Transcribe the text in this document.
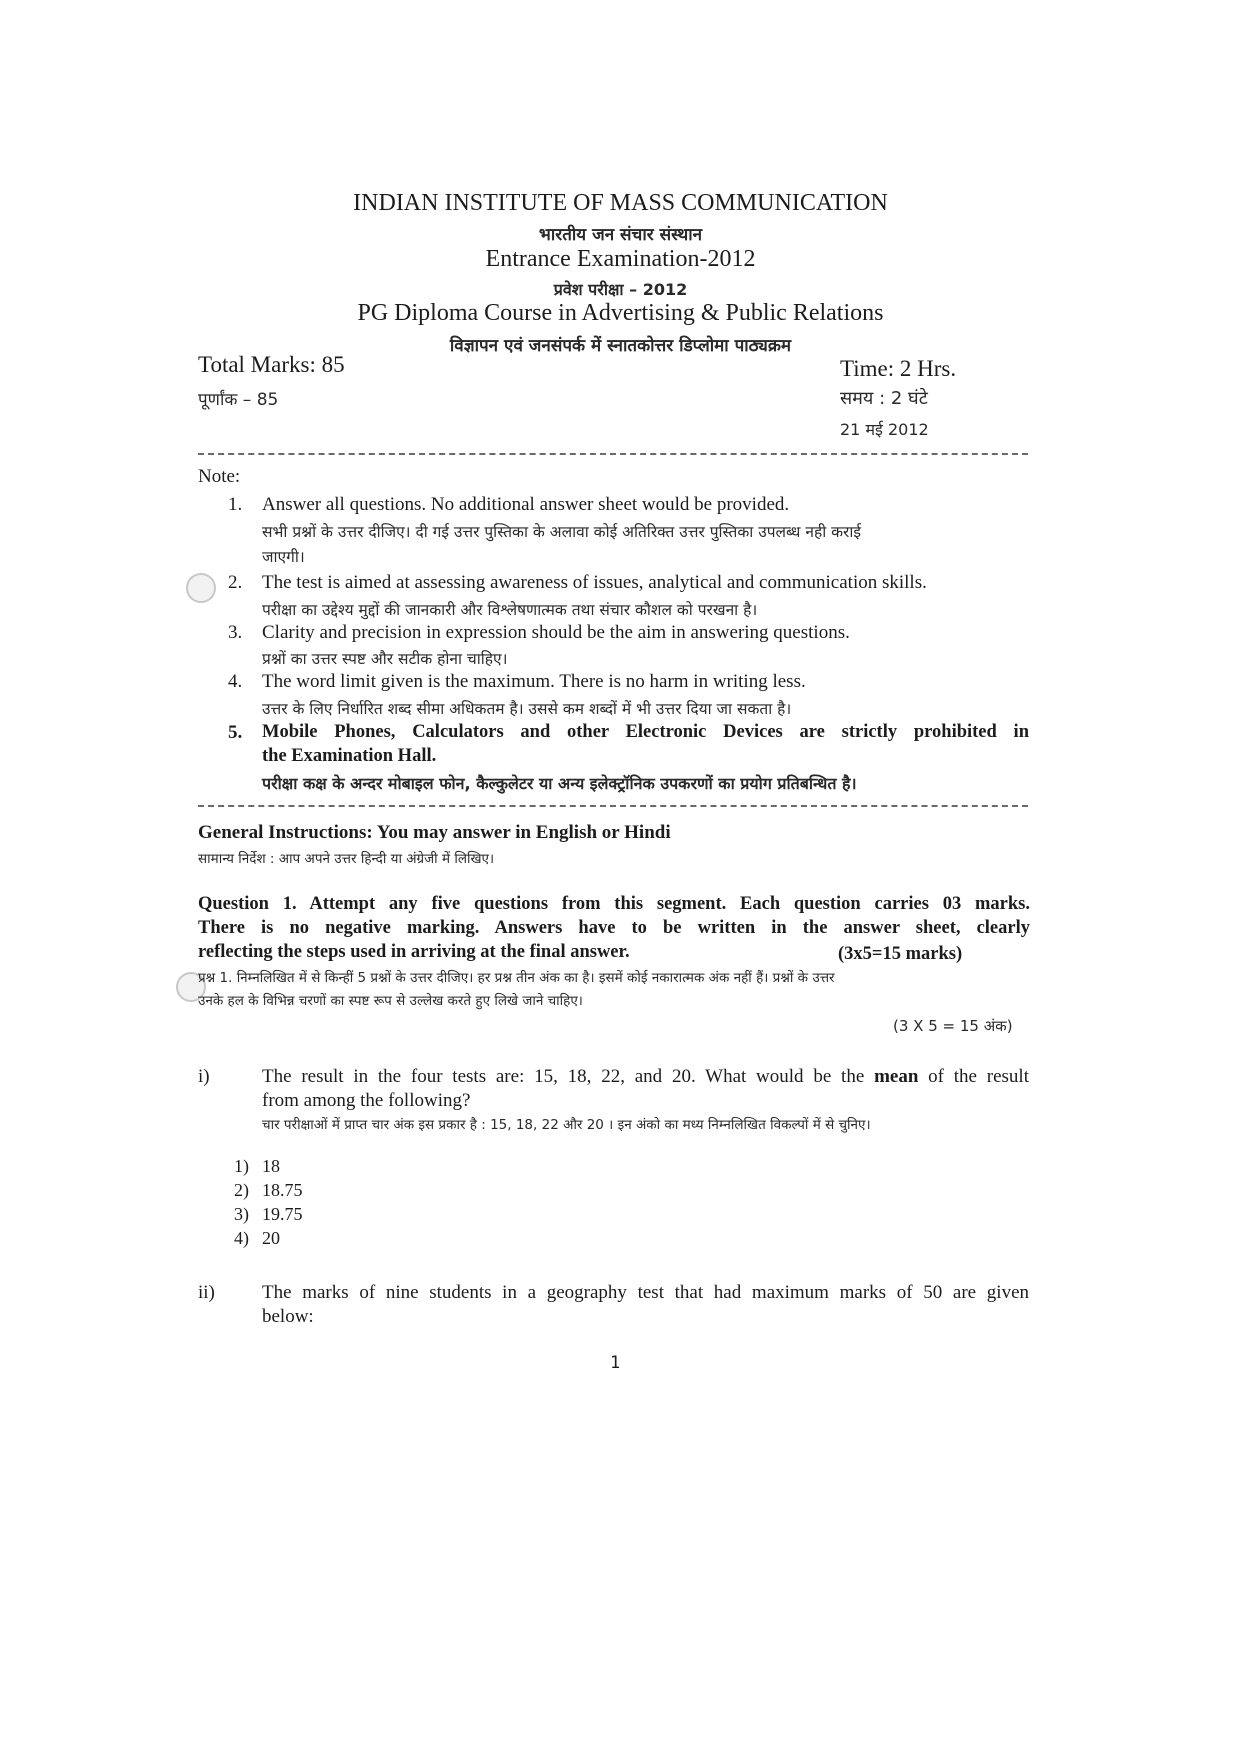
INDIAN INSTITUTE OF MASS COMMUNICATION
भारतीय जन संचार संस्थान
Entrance Examination-2012
प्रवेश परीक्षा – 2012
PG Diploma Course in Advertising & Public Relations
विज्ञापन एवं जनसंपर्क में स्नातकोत्तर डिप्लोमा पाठ्यक्रम
Total Marks: 85
पूर्णांक – 85
Time: 2 Hrs.
समय : 2 घंटे
21 मई 2012
Note:
1. Answer all questions. No additional answer sheet would be provided.
सभी प्रश्नों के उत्तर दीजिए। दी गई उत्तर पुस्तिका के अलावा कोई अतिरिक्त उत्तर पुस्तिका उपलब्ध नही कराई
जाएगी।
2. The test is aimed at assessing awareness of issues, analytical and communication skills.
परीक्षा का उद्देश्य मुद्दों की जानकारी और विश्लेषणात्मक तथा संचार कौशल को परखना है।
3. Clarity and precision in expression should be the aim in answering questions.
प्रश्नों का उत्तर स्पष्ट और सटीक होना चाहिए।
4. The word limit given is the maximum. There is no harm in writing less.
उत्तर के लिए निर्धारित शब्द सीमा अधिकतम है। उससे कम शब्दों में भी उत्तर दिया जा सकता है।
5. Mobile Phones, Calculators and other Electronic Devices are strictly prohibited in
the Examination Hall.
परीक्षा कक्ष के अन्दर मोबाइल फोन, कैल्कुलेटर या अन्य इलेक्ट्रॉनिक उपकरणों का प्रयोग प्रतिबन्धित है।
General Instructions: You may answer in English or Hindi
सामान्य निर्देश : आप अपने उत्तर हिन्दी या अंग्रेजी में लिखिए।
Question 1. Attempt any five questions from this segment. Each question carries 03 marks.
There is no negative marking. Answers have to be written in the answer sheet, clearly
reflecting the steps used in arriving at the final answer.	(3x5=15 marks)
प्रश्न 1. निम्नलिखित में से किन्हीं 5 प्रश्नों के उत्तर दीजिए। हर प्रश्न तीन अंक का है। इसमें कोई नकारात्मक अंक नहीं हैं। प्रश्नों के उत्तर
उनके हल के विभिन्न चरणों का स्पष्ट रूप से उल्लेख करते हुए लिखे जाने चाहिए।
(3 X 5 = 15 अंक)
i)	The result in the four tests are: 15, 18, 22, and 20. What would be the mean of the result
from among the following?
चार परीक्षाओं में प्राप्त चार अंक इस प्रकार है : 15, 18, 22 और 20 । इन अंको का मध्य निम्नलिखित विकल्पों में से चुनिए।
1) 18
2) 18.75
3) 19.75
4) 20
ii) The marks of nine students in a geography test that had maximum marks of 50 are given
below:
1
